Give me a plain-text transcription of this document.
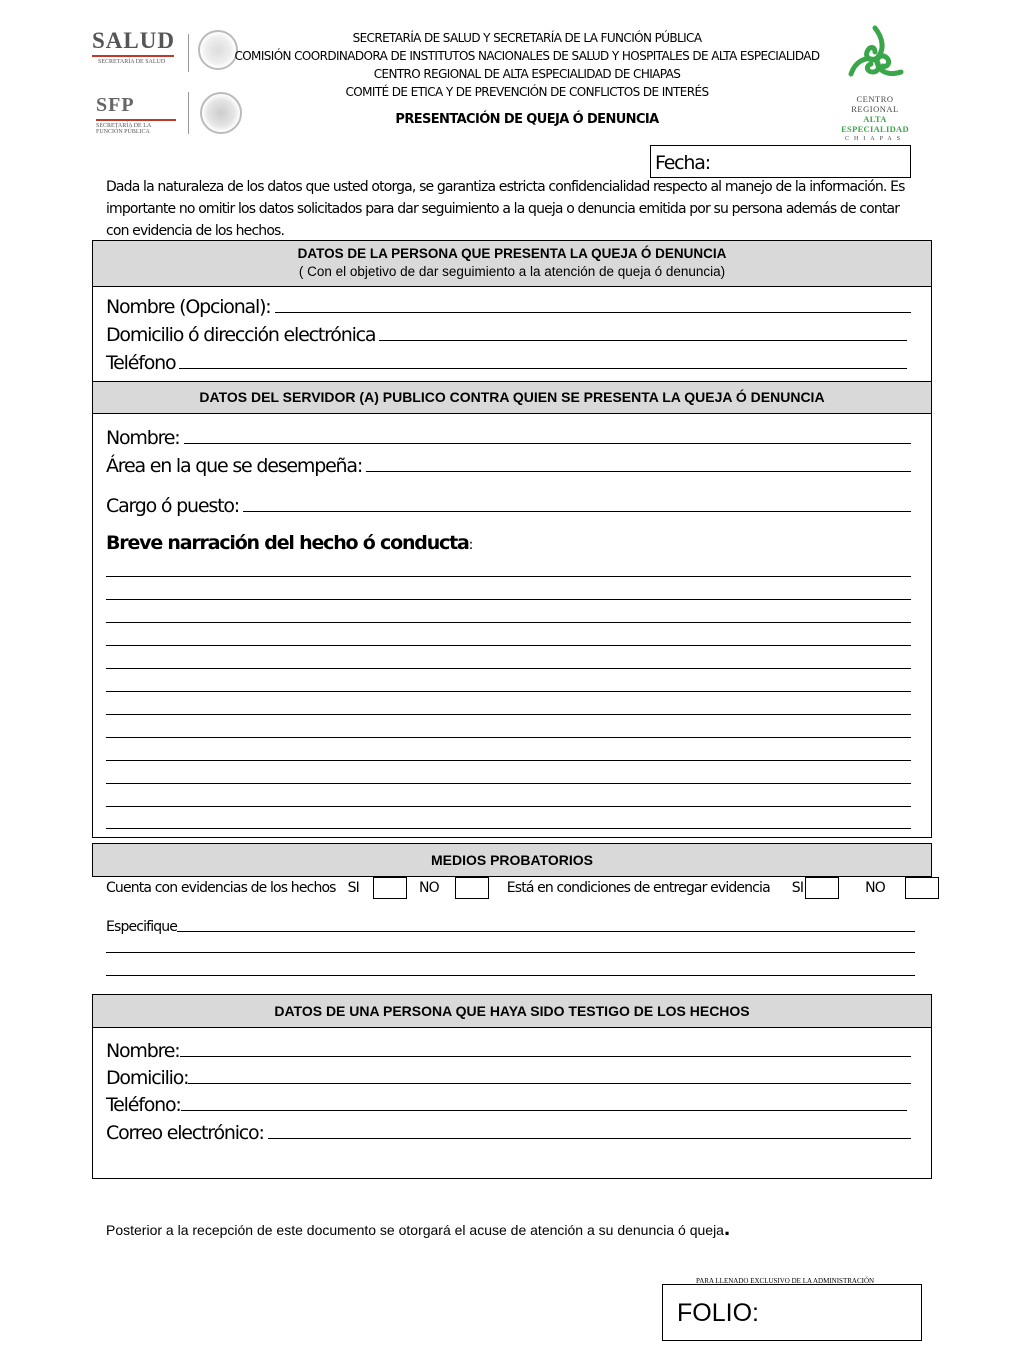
SALUD
SECRETARÍA DE SALUD
SFP
SECRETARÍA DE LA
FUNCIÓN PÚBLICA
SECRETARÍA DE SALUD Y SECRETARÍA DE LA FUNCIÓN PÚBLICA
COMISIÓN COORDINADORA DE INSTITUTOS NACIONALES DE SALUD Y HOSPITALES DE ALTA ESPECIALIDAD
CENTRO REGIONAL DE ALTA ESPECIALIDAD DE CHIAPAS
COMITÉ DE ETICA Y DE PREVENCIÓN DE CONFLICTOS DE INTERÉS
PRESENTACIÓN DE QUEJA Ó DENUNCIA
CENTRO REGIONAL
ALTA ESPECIALIDAD
CHIAPAS
Fecha:
Dada la naturaleza de los datos que usted otorga, se garantiza estricta confidencialidad respecto al manejo de la información. Es importante no omitir los datos solicitados para dar seguimiento a la queja o denuncia emitida por su persona además de contar con evidencia de los hechos.
DATOS DE LA PERSONA QUE PRESENTA LA QUEJA Ó DENUNCIA
( Con el objetivo de dar seguimiento a la atención de queja ó denuncia)
Nombre (Opcional):
Domicilio ó dirección electrónica
Teléfono
DATOS DEL SERVIDOR (A) PUBLICO CONTRA QUIEN SE PRESENTA LA QUEJA Ó DENUNCIA
Nombre:
Área en la que se desempeña:
Cargo ó puesto:
Breve narración del hecho ó conducta:
MEDIOS PROBATORIOS
Cuenta con evidencias de los hechos SI	NO	Está en condiciones de entregar evidencia SI	NO
Especifique
DATOS DE UNA PERSONA QUE HAYA SIDO TESTIGO DE LOS HECHOS
Nombre:
Domicilio:
Teléfono:
Correo electrónico:
Posterior a la recepción de este documento se otorgará el acuse de atención a su denuncia ó queja.
PARA LLENADO EXCLUSIVO DE LA ADMINISTRACIÓN
FOLIO:
